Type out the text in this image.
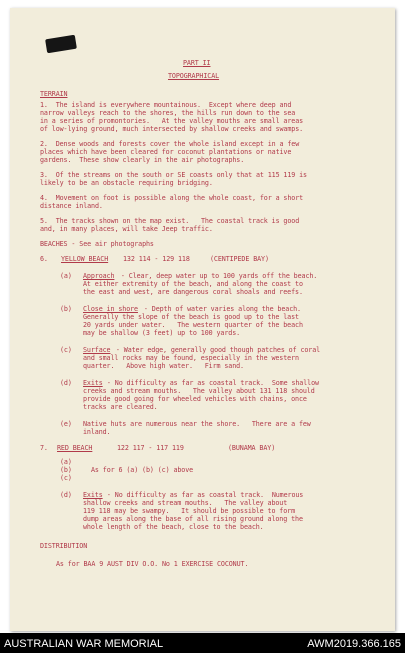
PART II
TOPOGRAPHICAL
TERRAIN
1.  The island is everywhere mountainous.  Except where deep and
narrow valleys reach to the shores, the hills run down to the sea
in a series of promontories.   At the valley mouths are small areas
of low-lying ground, much intersected by shallow creeks and swamps.
2.  Dense woods and forests cover the whole island except in a few
places which have been cleared for coconut plantations or native
gardens.  These show clearly in the air photographs.
3.  Of the streams on the south or SE coasts only that at 115 119 is
likely to be an obstacle requiring bridging.
4.  Movement on foot is possible along the whole coast, for a short
distance inland.
5.  The tracks shown on the map exist.   The coastal track is good
and, in many places, will take Jeep traffic.
BEACHES - See air photographs
6. YELLOW BEACH 132 114 - 129 118	(CENTIPEDE BAY)
(a) Approach - Clear, deep water up to 100 yards off the beach.
At either extremity of the beach, and along the coast to
the east and west, are dangerous coral shoals and reefs.
(b) Close in shore - Depth of water varies along the beach.
Generally the slope of the beach is good up to the last
20 yards under water.   The western quarter of the beach
may be shallow (3 feet) up to 100 yards.
(c) Surface - Water edge, generally good though patches of coral
and small rocks may be found, especially in the western
quarter.   Above high water.   Firm sand.
(d) Exits - No difficulty as far as coastal track.  Some shallow
creeks and stream mouths.   The valley about 131 118 should
provide good going for wheeled vehicles with chains, once
tracks are cleared.
(e) Native huts are numerous near the shore.   There are a few
inland.
7. RED BEACH	122 117 - 117 119	(BUNAMA BAY)
(a)
(b)
(c)
As for 6 (a) (b) (c) above
(d) Exits - No difficulty as far as coastal track.  Numerous
shallow creeks and stream mouths.   The valley about
119 118 may be swampy.   It should be possible to form
dump areas along the base of all rising ground along the
whole length of the beach, close to the beach.
DISTRIBUTION
As for BAA 9 AUST DIV O.O. No 1 EXERCISE COCONUT.
AUSTRALIAN WAR MEMORIAL	AWM2019.366.165
